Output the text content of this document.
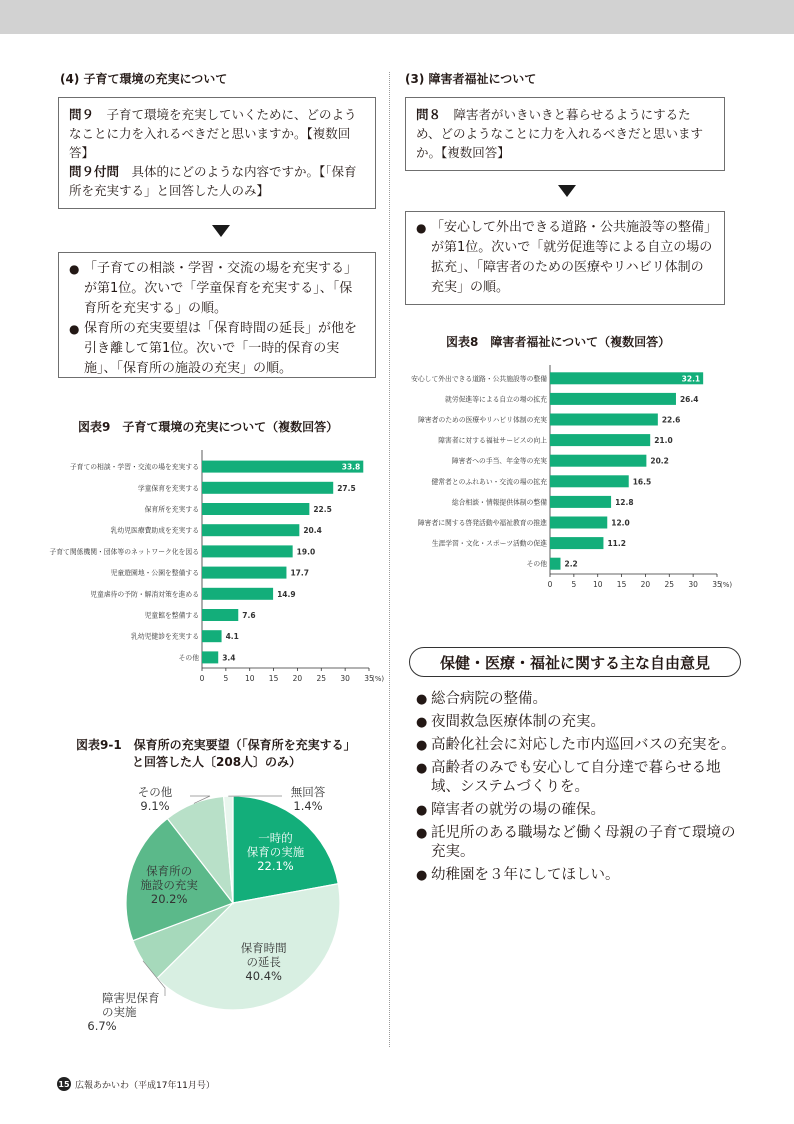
(4) 子育て環境の充実について

問９　 子育て環境を充実していくために、どのようなことに力を入れるべきだと思いますか。【複数回答】

問９付問　 具体的にどのような内容ですか。【「保育所を充実する」と回答した人のみ】

● 「子育ての相談・学習・交流の場を充実する」が第1位。次いで「学童保育を充実する」、「保育所を充実する」の順。
● 保育所の充実要望は「保育時間の延長」が他を引き離して第1位。次いで「一時的保育の実施」、「保育所の施設の充実」の順。
図表9　子育て環境の充実について（複数回答）
0	5 10 15 20 25 30 35
(%)
子育ての相談・学習・交流の場を充実する	33.8
学童保育を充実する	27.5
保育所を充実する	22.5
乳幼児医療費助成を充実する	20.4
子育て関係機関・団体等のネットワーク化を図る	19.0
児童遊園地・公園を整備する	17.7
児童虐待の予防・解消対策を進める	14.9
児童館を整備する	7.6
乳幼児健診を充実する	4.1
その他	3.4
図表9-1　保育所の充実要望（「保育所を充実する」
と回答した人〔208人〕のみ）
一時的
保育の実施
22.1%
保育時間
の延長
40.4%
障害児保育
の実施
6.7%
保育所の
施設の充実
20.2%
その他
9.1%
無回答
1.4%
(3) 障害者福祉について

問８　 障害者がいきいきと暮らせるようにするため、どのようなことに力を入れるべきだと思いますか。【複数回答】

● 「安心して外出できる道路・公共施設等の整備」が第1位。次いで「就労促進等による自立の場の拡充」、「障害者のための医療やリハビリ体制の充実」の順。
図表8　障害者福祉について（複数回答）
0	5 10 15 20 25 30 35
(%)
安心して外出できる道路・公共施設等の整備	32.1
就労促進等による自立の場の拡充	26.4
障害者のための医療やリハビリ体制の充実	22.6
障害者に対する福祉サービスの向上	21.0
障害者への手当、年金等の充実	20.2
健常者とのふれあい・交流の場の拡充	16.5
総合相談・情報提供体制の整備	12.8
障害者に関する啓発活動や福祉教育の推進	12.0
生涯学習・文化・スポーツ活動の促進	11.2
その他 2.2
保健・医療・福祉に関する主な自由意見
● 総合病院の整備。
● 夜間救急医療体制の充実。
● 高齢化社会に対応した市内巡回バスの充実を。
● 高齢者のみでも安心して自分達で暮らせる地域、システムづくりを。
● 障害者の就労の場の確保。
● 託児所のある職場など働く母親の子育て環境の充実。
● 幼稚園を３年にしてほしい。
15 広報あかいわ（平成17年11月号）
